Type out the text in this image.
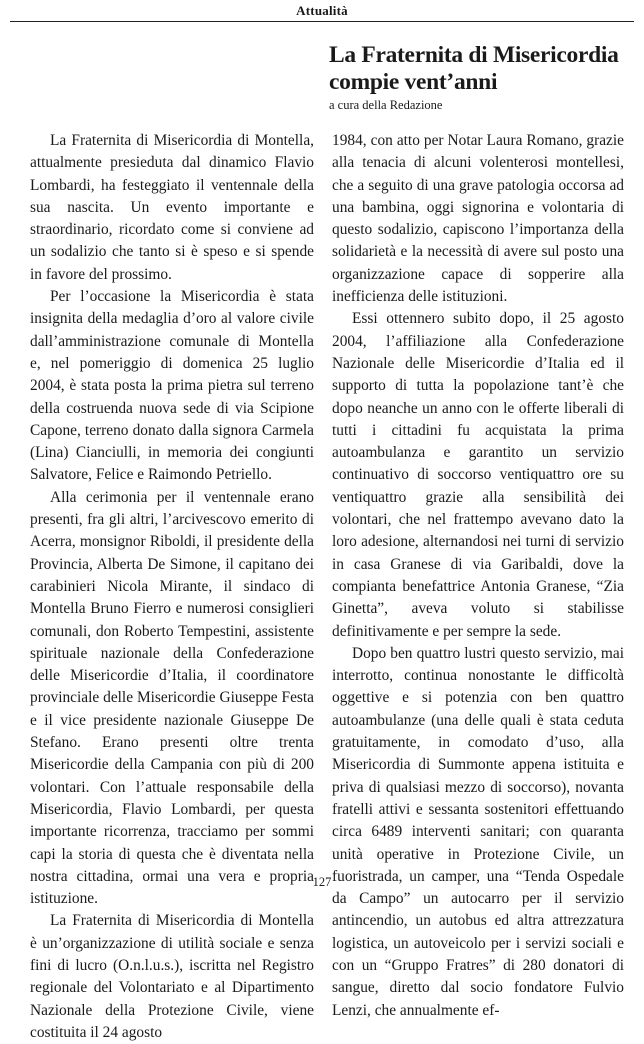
Attualità
La Fraternita di Misericordia
compie vent’anni
a cura della Redazione

La Fraternita di Misericordia di Montella, attualmente presieduta dal dinamico Flavio Lombardi, ha festeggiato il ventennale della sua nascita. Un evento importante e straordinario, ricordato come si conviene ad un sodalizio che tanto si è speso e si spende in favore del prossimo.

Per l’occasione la Misericordia è stata insignita della medaglia d’oro al valore civile dall’amministrazione comunale di Montella e, nel pomeriggio di domenica 25 luglio 2004, è stata posta la prima pietra sul terreno della costruenda nuova sede di via Scipione Capone, terreno donato dalla signora Carmela (Lina) Cianciulli, in memoria dei congiunti Salvatore, Felice e Raimondo Petriello.

Alla cerimonia per il ventennale erano presenti, fra gli altri, l’arcivescovo emerito di Acerra, monsignor Riboldi, il presidente della Provincia, Alberta De Simone, il capitano dei carabinieri Nicola Mirante, il sindaco di Montella Bruno Fierro e numerosi consiglieri comunali, don Roberto Tempestini, assistente spirituale nazionale della Confederazione delle Misericordie d’Italia, il coordinatore provinciale delle Misericordie Giuseppe Festa e il vice presidente nazionale Giuseppe De Stefano. Erano presenti oltre trenta Misericordie della Campania con più di 200 volontari. Con l’attuale responsabile della Misericordia, Flavio Lombardi, per questa importante ricorrenza, tracciamo per sommi capi la storia di questa che è diventata nella nostra cittadina, ormai una vera e propria istituzione.

La Fraternita di Misericordia di Montella è un’organizzazione di utilità sociale e senza fini di lucro (O.n.l.u.s.), iscritta nel Registro regionale del Volontariato e al Dipartimento Nazionale della Protezione Civile, viene costituita il 24 agosto

1984, con atto per Notar Laura Romano, grazie alla tenacia di alcuni volenterosi montellesi, che a seguito di una grave patologia occorsa ad una bambina, oggi signorina e volontaria di questo sodalizio, capiscono l’importanza della solidarietà e la necessità di avere sul posto una organizzazione capace di sopperire alla inefficienza delle istituzioni.

Essi ottennero subito dopo, il 25 agosto 2004, l’affiliazione alla Confederazione Nazionale delle Misericordie d’Italia ed il supporto di tutta la popolazione tant’è che dopo neanche un anno con le offerte liberali di tutti i cittadini fu acquistata la prima autoambulanza e garantito un servizio continuativo di soccorso ventiquattro ore su ventiquattro grazie alla sensibilità dei volontari, che nel frattempo avevano dato la loro adesione, alternandosi nei turni di servizio in casa Granese di via Garibaldi, dove la compianta benefattrice Antonia Granese, “Zia Ginetta”, aveva voluto si stabilisse definitivamente e per sempre la sede.

Dopo ben quattro lustri questo servizio, mai interrotto, continua nonostante le difficoltà oggettive e si potenzia con ben quattro autoambulanze (una delle quali è stata ceduta gratuitamente, in comodato d’uso, alla Misericordia di Summonte appena istituita e priva di qualsiasi mezzo di soccorso), novanta fratelli attivi e sessanta sostenitori effettuando circa 6489 interventi sanitari; con quaranta unità operative in Protezione Civile, un fuoristrada, un camper, una “Tenda Ospedale da Campo” un autocarro per il servizio antincendio, un autobus ed altra attrezzatura logistica, un autoveicolo per i servizi sociali e con un “Gruppo Fratres” di 280 donatori di sangue, diretto dal socio fondatore Fulvio Lenzi, che annualmente ef-

127
